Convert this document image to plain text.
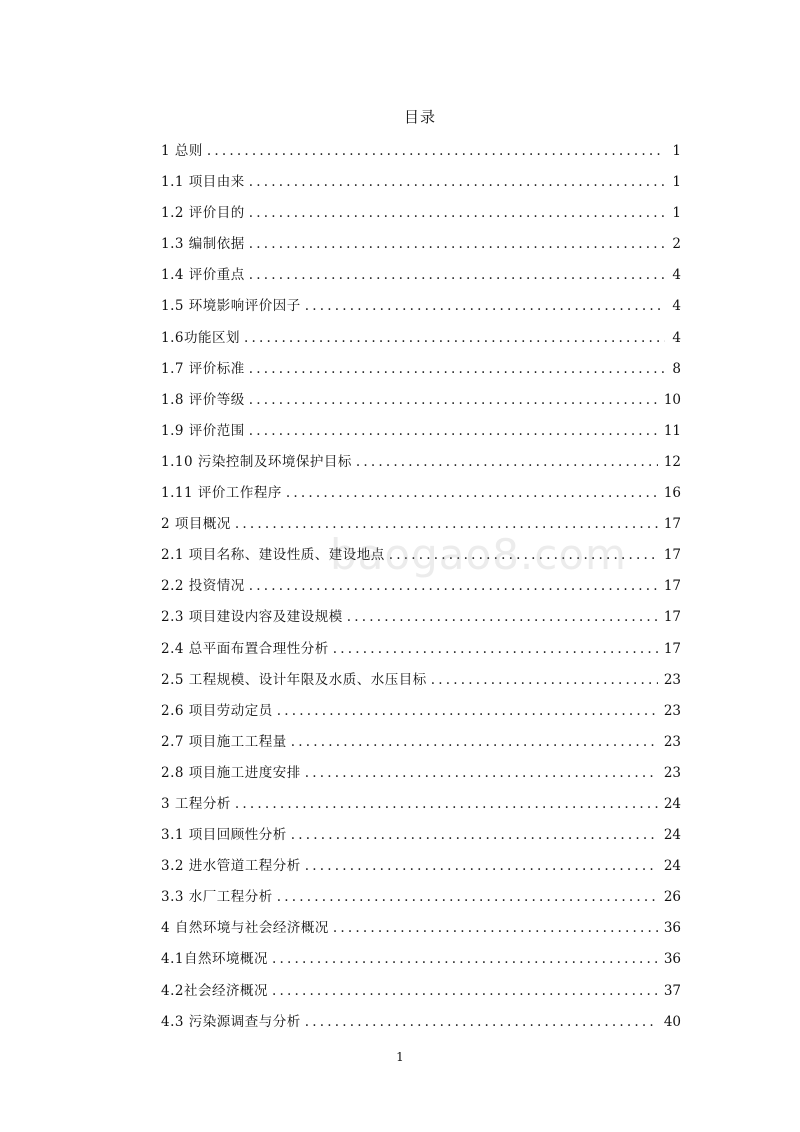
目录
1 总则 .....	1
1.1 项目由来 .....	1
1.2 评价目的 .....	1
1.3 编制依据 .....	2
1.4 评价重点 .....	4
1.5 环境影响评价因子 .....	4
1.6功能区划 .....	4
1.7 评价标准 .....	8
1.8 评价等级 .....	10
1.9 评价范围 .....	11
1.10 污染控制及环境保护目标 .....	12
1.11 评价工作程序 .....	16
2 项目概况 .....	17
2.1 项目名称、建设性质、建设地点 .....	17
2.2 投资情况 .....	17
2.3 项目建设内容及建设规模 .....	17
2.4 总平面布置合理性分析 .....	17
2.5 工程规模、设计年限及水质、水压目标 .....	23
2.6 项目劳动定员 .....	23
2.7 项目施工工程量 .....	23
2.8 项目施工进度安排 .....	23
3 工程分析 .....	24
3.1 项目回顾性分析 .....	24
3.2 进水管道工程分析 .....	24
3.3 水厂工程分析 .....	26
4 自然环境与社会经济概况 .....	36
4.1自然环境概况 .....	36
4.2社会经济概况 .....	37
4.3 污染源调查与分析 .....	40
baogao8.com
1
